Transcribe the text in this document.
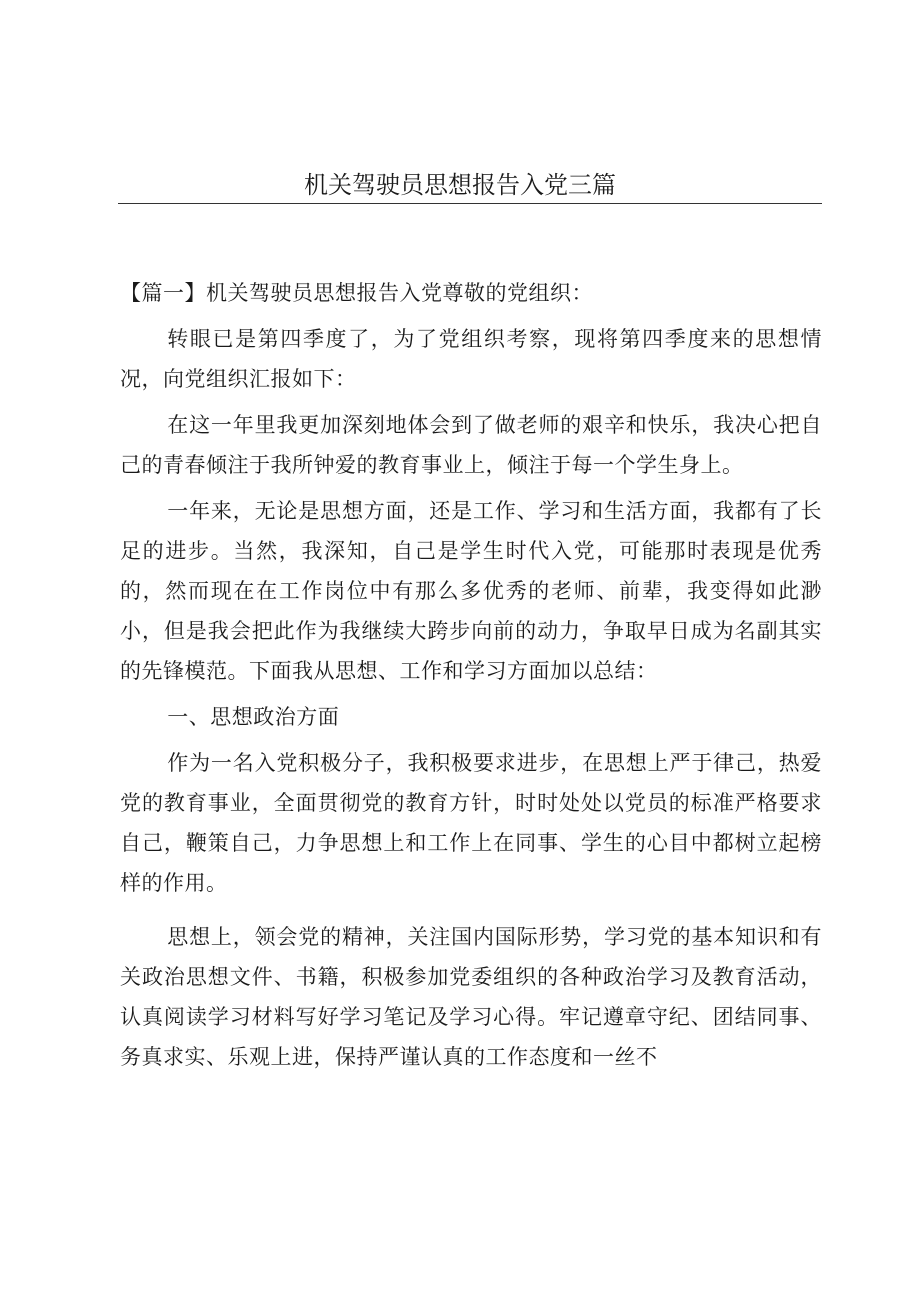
机关驾驶员思想报告入党三篇

【篇一】机关驾驶员思想报告入党尊敬的党组织：

转眼已是第四季度了，为了党组织考察，现将第四季度来的思想情况，向党组织汇报如下：

在这一年里我更加深刻地体会到了做老师的艰辛和快乐，我决心把自己的青春倾注于我所钟爱的教育事业上，倾注于每一个学生身上。

一年来，无论是思想方面，还是工作、学习和生活方面，我都有了长足的进步。当然，我深知，自己是学生时代入党，可能那时表现是优秀的，然而现在在工作岗位中有那么多优秀的老师、前辈，我变得如此渺小，但是我会把此作为我继续大跨步向前的动力，争取早日成为名副其实的先锋模范。下面我从思想、工作和学习方面加以总结：

一、思想政治方面

作为一名入党积极分子，我积极要求进步，在思想上严于律己，热爱党的教育事业，全面贯彻党的教育方针，时时处处以党员的标准严格要求自己，鞭策自己，力争思想上和工作上在同事、学生的心目中都树立起榜样的作用。

思想上，领会党的精神，关注国内国际形势，学习党的基本知识和有关政治思想文件、书籍，积极参加党委组织的各种政治学习及教育活动，认真阅读学习材料写好学习笔记及学习心得。牢记遵章守纪、团结同事、务真求实、乐观上进，保持严谨认真的工作态度和一丝不
